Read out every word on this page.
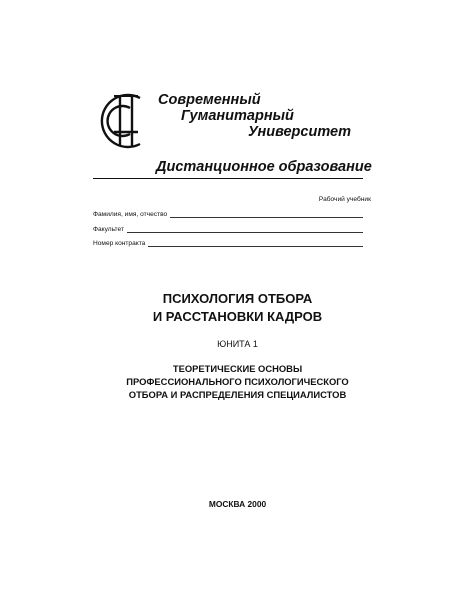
Современный
Гуманитарный
Университет
Дистанционное образование
Рабочий учебник
Фамилия, имя, отчество
Факультет
Номер контракта
ПСИХОЛОГИЯ ОТБОРА
И РАССТАНОВКИ КАДРОВ
ЮНИТА 1
ТЕОРЕТИЧЕСКИЕ ОСНОВЫ
ПРОФЕССИОНАЛЬНОГО ПСИХОЛОГИЧЕСКОГО
ОТБОРА И РАСПРЕДЕЛЕНИЯ СПЕЦИАЛИСТОВ
МОСКВА 2000
